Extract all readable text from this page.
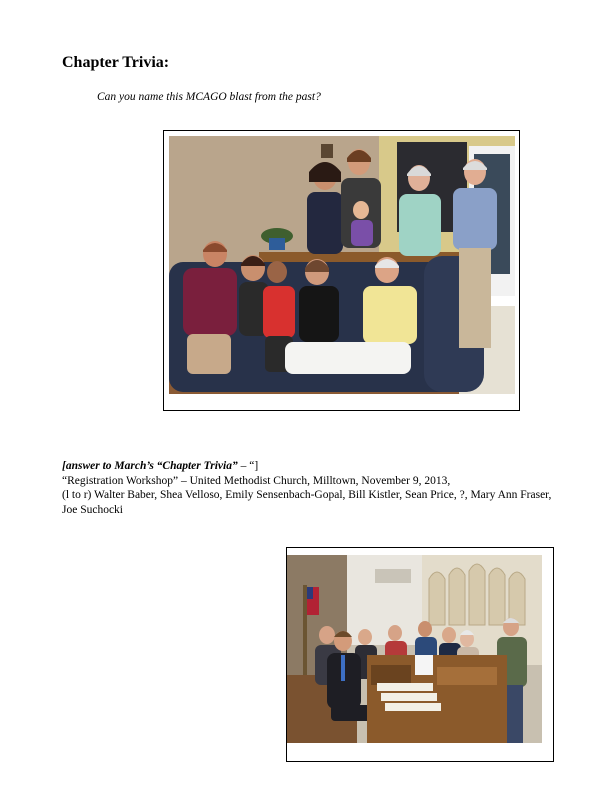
Chapter Trivia:

Can you name this MCAGO blast from the past?

[answer to March’s “Chapter Trivia” – “]

“Registration Workshop” – United Methodist Church, Milltown, November 9, 2013,

(l to r) Walter Baber, Shea Velloso, Emily Sensenbach-Gopal, Bill Kistler, Sean Price, ?, Mary Ann Fraser, Joe Suchocki
